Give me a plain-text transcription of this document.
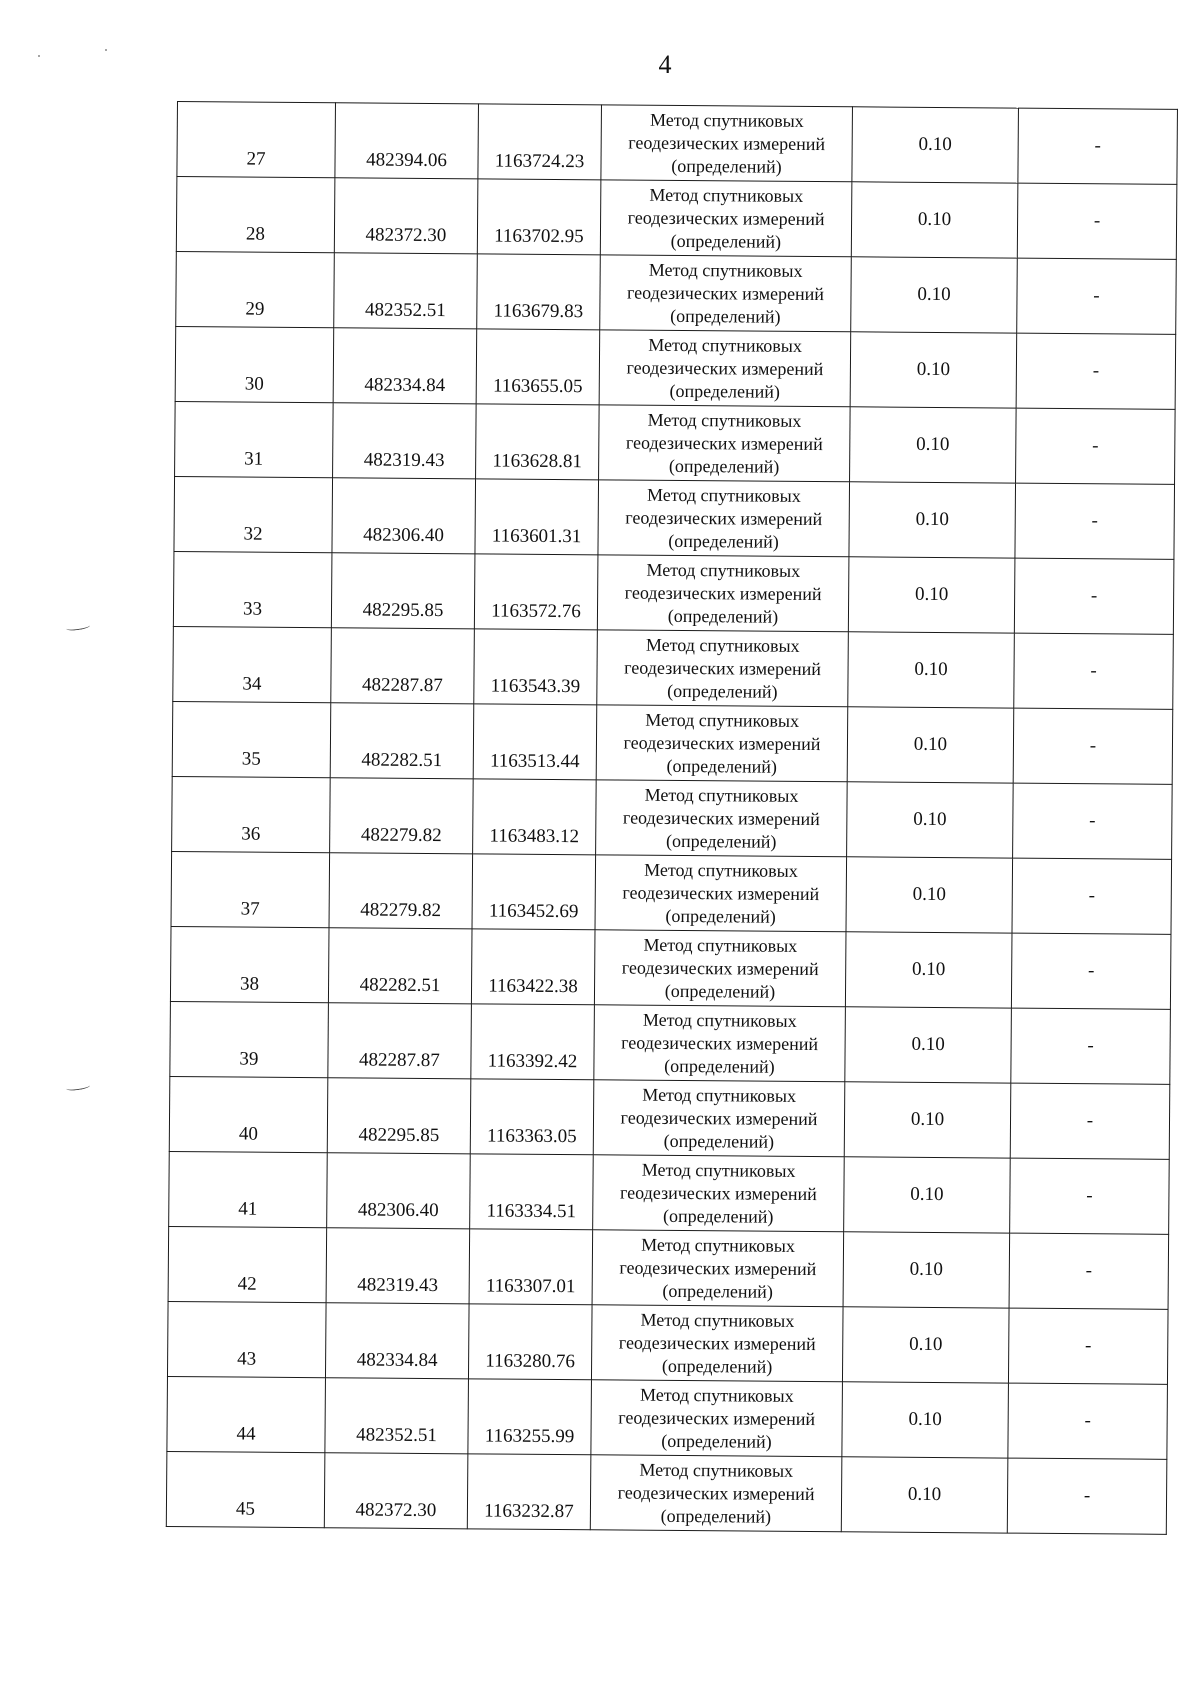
4
27	482394.06	1163724.23	Метод спутниковых геодезических измерений (определений)	0.10	-
28	482372.30	1163702.95	Метод спутниковых геодезических измерений (определений)	0.10	-
29	482352.51	1163679.83	Метод спутниковых геодезических измерений (определений)	0.10	-
30	482334.84	1163655.05	Метод спутниковых геодезических измерений (определений)	0.10	-
31	482319.43	1163628.81	Метод спутниковых геодезических измерений (определений)	0.10	-
32	482306.40	1163601.31	Метод спутниковых геодезических измерений (определений)	0.10	-
33	482295.85	1163572.76	Метод спутниковых геодезических измерений (определений)	0.10	-
34	482287.87	1163543.39	Метод спутниковых геодезических измерений (определений)	0.10	-
35	482282.51	1163513.44	Метод спутниковых геодезических измерений (определений)	0.10	-
36	482279.82	1163483.12	Метод спутниковых геодезических измерений (определений)	0.10	-
37	482279.82	1163452.69	Метод спутниковых геодезических измерений (определений)	0.10	-
38	482282.51	1163422.38	Метод спутниковых геодезических измерений (определений)	0.10	-
39	482287.87	1163392.42	Метод спутниковых геодезических измерений (определений)	0.10	-
40	482295.85	1163363.05	Метод спутниковых геодезических измерений (определений)	0.10	-
41	482306.40	1163334.51	Метод спутниковых геодезических измерений (определений)	0.10	-
42	482319.43	1163307.01	Метод спутниковых геодезических измерений (определений)	0.10	-
43	482334.84	1163280.76	Метод спутниковых геодезических измерений (определений)	0.10	-
44	482352.51	1163255.99	Метод спутниковых геодезических измерений (определений)	0.10	-
45	482372.30	1163232.87	Метод спутниковых геодезических измерений (определений)	0.10	-
